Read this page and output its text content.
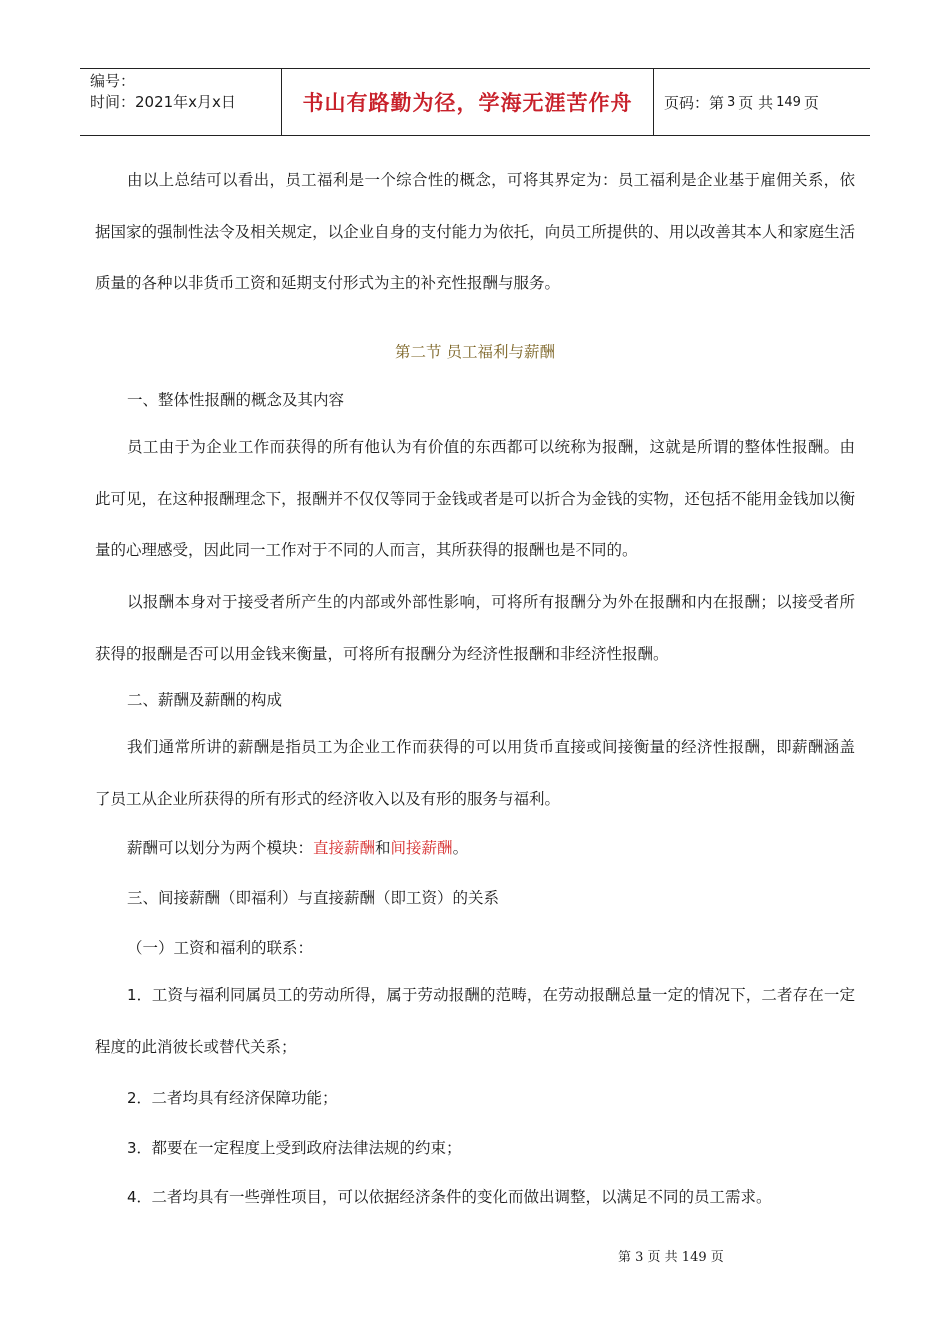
编号：
时间：2021年x月x日	书山有路勤为径，学海无涯苦作舟	页码：第 3 页 共 149 页

由以上总结可以看出，员工福利是一个综合性的概念，可将其界定为：员工福利是企业基于雇佣关系，依据国家的强制性法令及相关规定，以企业自身的支付能力为依托，向员工所提供的、用以改善其本人和家庭生活质量的各种以非货币工资和延期支付形式为主的补充性报酬与服务。

第二节 员工福利与薪酬

一、整体性报酬的概念及其内容

员工由于为企业工作而获得的所有他认为有价值的东西都可以统称为报酬，这就是所谓的整体性报酬。由此可见，在这种报酬理念下，报酬并不仅仅等同于金钱或者是可以折合为金钱的实物，还包括不能用金钱加以衡量的心理感受，因此同一工作对于不同的人而言，其所获得的报酬也是不同的。

以报酬本身对于接受者所产生的内部或外部性影响，可将所有报酬分为外在报酬和内在报酬；以接受者所获得的报酬是否可以用金钱来衡量，可将所有报酬分为经济性报酬和非经济性报酬。

二、薪酬及薪酬的构成

我们通常所讲的薪酬是指员工为企业工作而获得的可以用货币直接或间接衡量的经济性报酬，即薪酬涵盖了员工从企业所获得的所有形式的经济收入以及有形的服务与福利。

薪酬可以划分为两个模块：直接薪酬和间接薪酬。

三、间接薪酬（即福利）与直接薪酬（即工资）的关系

（一）工资和福利的联系：

1．工资与福利同属员工的劳动所得，属于劳动报酬的范畴，在劳动报酬总量一定的情况下，二者存在一定程度的此消彼长或替代关系；

2．二者均具有经济保障功能；

3．都要在一定程度上受到政府法律法规的约束；

4．二者均具有一些弹性项目，可以依据经济条件的变化而做出调整，以满足不同的员工需求。

第 3 页 共 149 页
